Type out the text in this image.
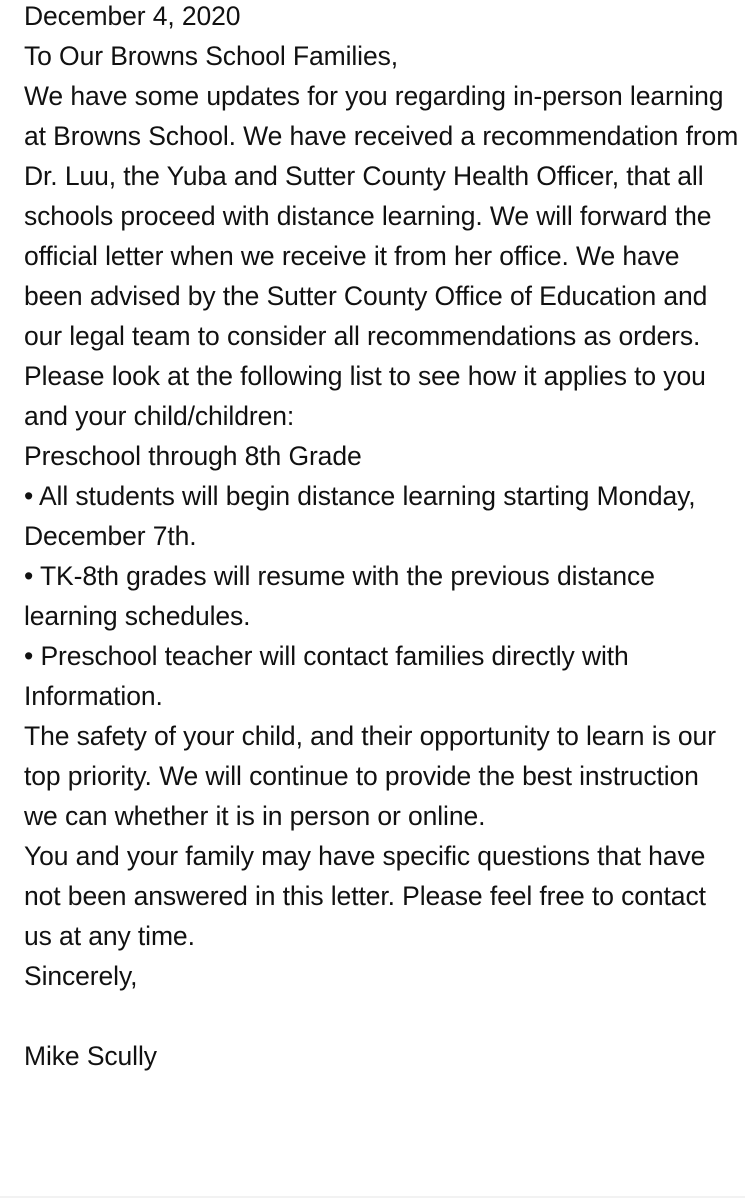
December 4, 2020

To Our Browns School Families,

We have some updates for you regarding in-person learning at Browns School. We have received a recommendation from Dr. Luu, the Yuba and Sutter County Health Officer, that all schools proceed with distance learning. We will forward the official letter when we receive it from her office. We have been advised by the Sutter County Office of Education and our legal team to consider all recommendations as orders. Please look at the following list to see how it applies to you and your child/children:

Preschool through 8th Grade

• All students will begin distance learning starting Monday, December 7th.

• TK-8th grades will resume with the previous distance learning schedules.

• Preschool teacher will contact families directly with Information.

The safety of your child, and their opportunity to learn is our top priority. We will continue to provide the best instruction we can whether it is in person or online.

You and your family may have specific questions that have not been answered in this letter. Please feel free to contact us at any time.

Sincerely,

Mike Scully
